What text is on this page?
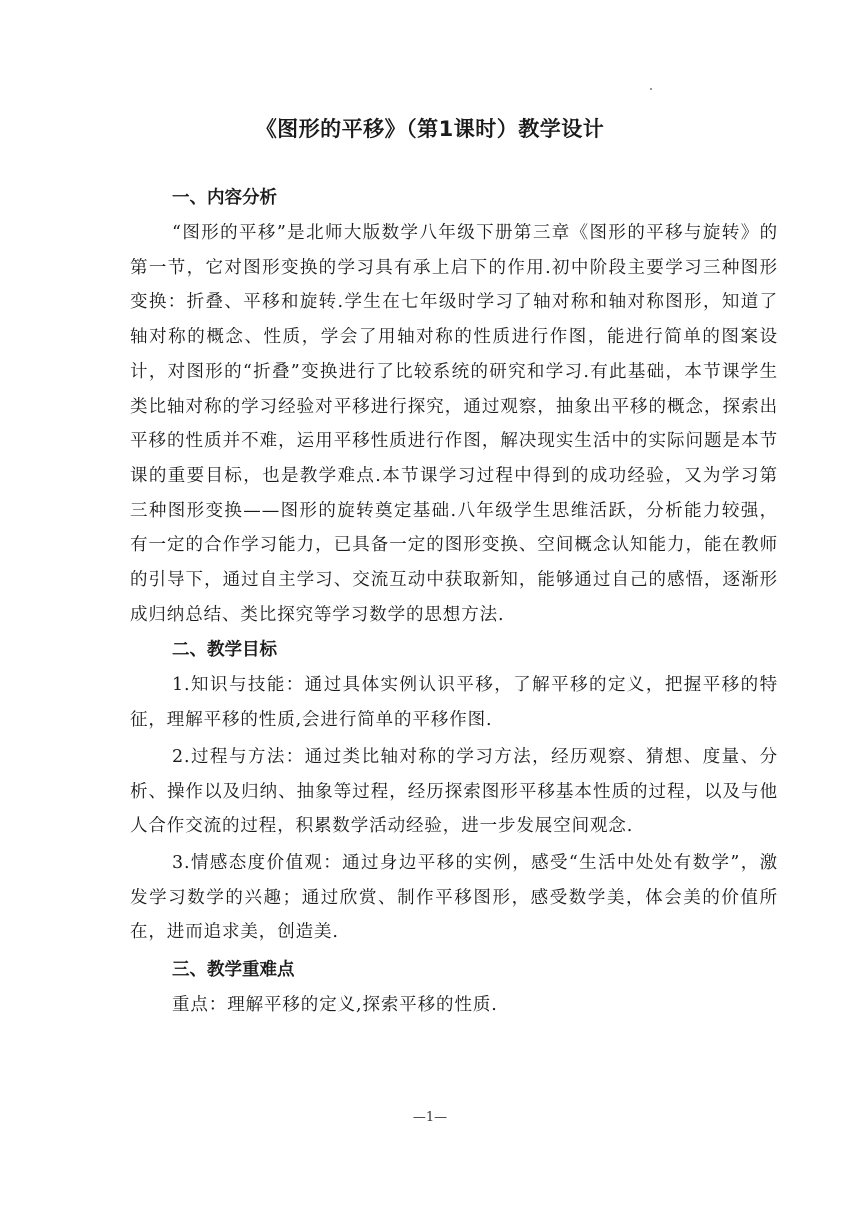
《图形的平移》（第1课时）教学设计
一、内容分析

“图形的平移”是北师大版数学八年级下册第三章《图形的平移与旋转》的第一节，它对图形变换的学习具有承上启下的作用.初中阶段主要学习三种图形变换：折叠、平移和旋转.学生在七年级时学习了轴对称和轴对称图形，知道了轴对称的概念、性质，学会了用轴对称的性质进行作图，能进行简单的图案设计，对图形的“折叠”变换进行了比较系统的研究和学习.有此基础，本节课学生类比轴对称的学习经验对平移进行探究，通过观察，抽象出平移的概念，探索出平移的性质并不难，运用平移性质进行作图，解决现实生活中的实际问题是本节课的重要目标，也是教学难点.本节课学习过程中得到的成功经验，又为学习第三种图形变换——图形的旋转奠定基础.八年级学生思维活跃，分析能力较强，有一定的合作学习能力，已具备一定的图形变换、空间概念认知能力，能在教师的引导下，通过自主学习、交流互动中获取新知，能够通过自己的感悟，逐渐形成归纳总结、类比探究等学习数学的思想方法.

二、教学目标

1.知识与技能：通过具体实例认识平移，了解平移的定义，把握平移的特征，理解平移的性质,会进行简单的平移作图.

2.过程与方法：通过类比轴对称的学习方法，经历观察、猜想、度量、分析、操作以及归纳、抽象等过程，经历探索图形平移基本性质的过程，以及与他人合作交流的过程，积累数学活动经验，进一步发展空间观念.

3.情感态度价值观：通过身边平移的实例，感受“生活中处处有数学”，激发学习数学的兴趣；通过欣赏、制作平移图形，感受数学美，体会美的价值所在，进而追求美，创造美.

三、教学重难点

重点：理解平移的定义,探索平移的性质.

—1—
